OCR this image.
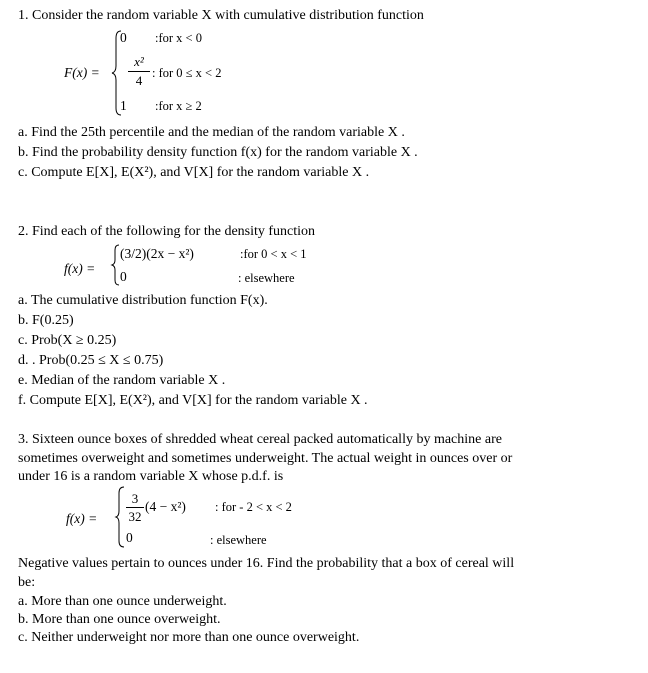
1. Consider the random variable X with cumulative distribution function
F(x) =
0 :for x < 0
x²
4 : for 0 ≤ x < 2
1 :for x ≥ 2
a. Find the 25th percentile and the median of the random variable X .
b. Find the probability density function f(x) for the random variable X .
c. Compute E[X], E(X²), and V[X] for the random variable X .
2. Find each of the following for the density function
f(x) =
(3/2)(2x − x²)	:for 0 < x < 1
0	: elsewhere
a. The cumulative distribution function F(x).
b. F(0.25)
c. Prob(X ≥ 0.25)
d. . Prob(0.25 ≤ X ≤ 0.75)
e. Median of the random variable X .
f. Compute E[X], E(X²), and V[X] for the random variable X .
3. Sixteen ounce boxes of shredded wheat cereal packed automatically by machine are
sometimes overweight and sometimes underweight. The actual weight in ounces over or
under 16 is a random variable X whose p.d.f. is
f(x) =
3
32
(4 − x²) : for - 2 < x < 2
0	: elsewhere
Negative values pertain to ounces under 16. Find the probability that a box of cereal will
be:
a. More than one ounce underweight.
b. More than one ounce overweight.
c. Neither underweight nor more than one ounce overweight.
